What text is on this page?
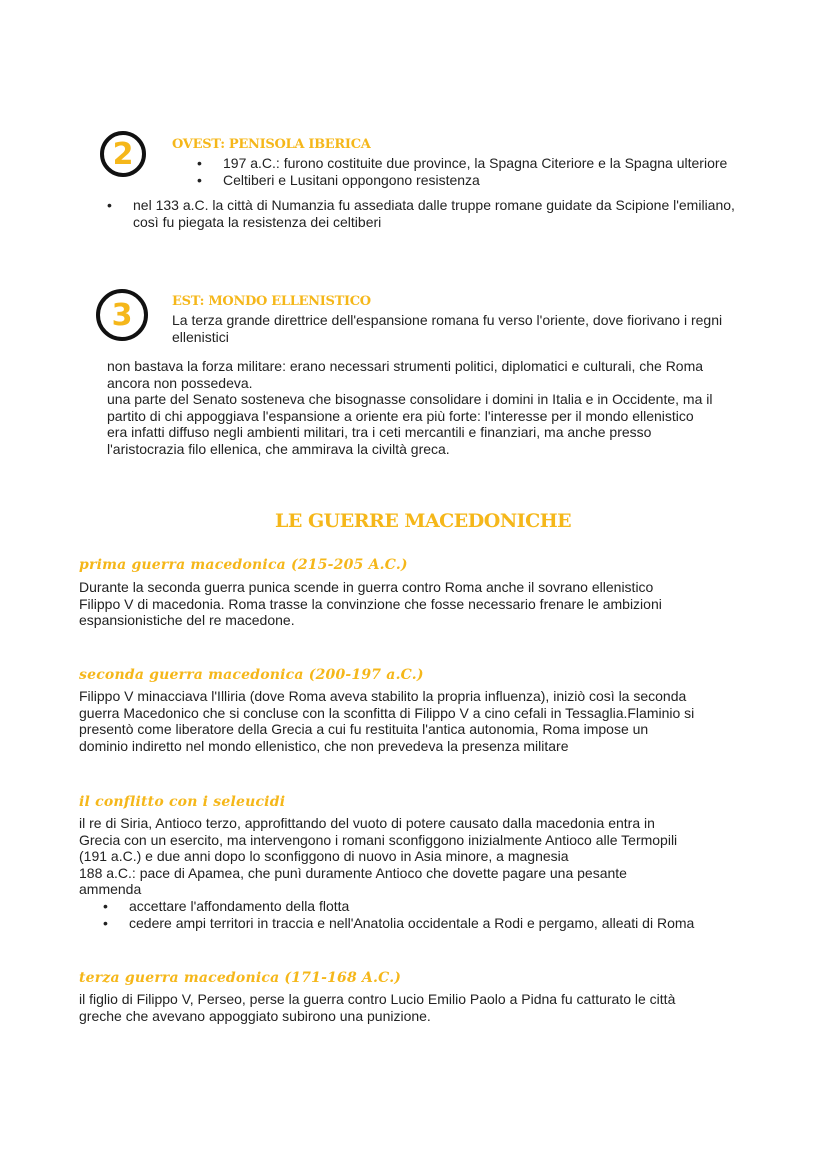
2	OVEST: PENISOLA IBERICA
• 197 a.C.: furono costituite due province, la Spagna Citeriore e la Spagna ulteriore
• Celtiberi e Lusitani oppongono resistenza
• nel 133 a.C. la città di Numanzia fu assediata dalle truppe romane guidate da Scipione l'emiliano, così fu piegata la resistenza dei celtiberi
3	EST: MONDO ELLENISTICO
La terza grande direttrice dell'espansione romana fu verso l'oriente, dove fiorivano i regni ellenistici
non bastava la forza militare: erano necessari strumenti politici, diplomatici e culturali, che Roma
ancora non possedeva.
una parte del Senato sosteneva che bisognasse consolidare i domini in Italia e in Occidente, ma il
partito di chi appoggiava l'espansione a oriente era più forte: l'interesse per il mondo ellenistico
era infatti diffuso negli ambienti militari, tra i ceti mercantili e finanziari, ma anche presso
l'aristocrazia filo ellenica, che ammirava la civiltà greca.
LE GUERRE MACEDONICHE
prima guerra macedonica (215-205 A.C.)
Durante la seconda guerra punica scende in guerra contro Roma anche il sovrano ellenistico
Filippo V di macedonia. Roma trasse la convinzione che fosse necessario frenare le ambizioni
espansionistiche del re macedone.
seconda guerra macedonica (200-197 a.C.)
Filippo V minacciava l'Illiria (dove Roma aveva stabilito la propria influenza), iniziò così la seconda
guerra Macedonico che si concluse con la sconfitta di Filippo V a cino cefali in Tessaglia.Flaminio si
presentò come liberatore della Grecia a cui fu restituita l'antica autonomia, Roma impose un
dominio indiretto nel mondo ellenistico, che non prevedeva la presenza militare
il conflitto con i seleucidi
il re di Siria, Antioco terzo, approfittando del vuoto di potere causato dalla macedonia entra in
Grecia con un esercito, ma intervengono i romani sconfiggono inizialmente Antioco alle Termopili
(191 a.C.) e due anni dopo lo sconfiggono di nuovo in Asia minore, a magnesia
188 a.C.: pace di Apamea, che punì duramente Antioco che dovette pagare una pesante
ammenda
• accettare l'affondamento della flotta
• cedere ampi territori in traccia e nell'Anatolia occidentale a Rodi e pergamo, alleati di Roma
terza guerra macedonica (171-168 A.C.)
il figlio di Filippo V, Perseo, perse la guerra contro Lucio Emilio Paolo a Pidna fu catturato le città
greche che avevano appoggiato subirono una punizione.
